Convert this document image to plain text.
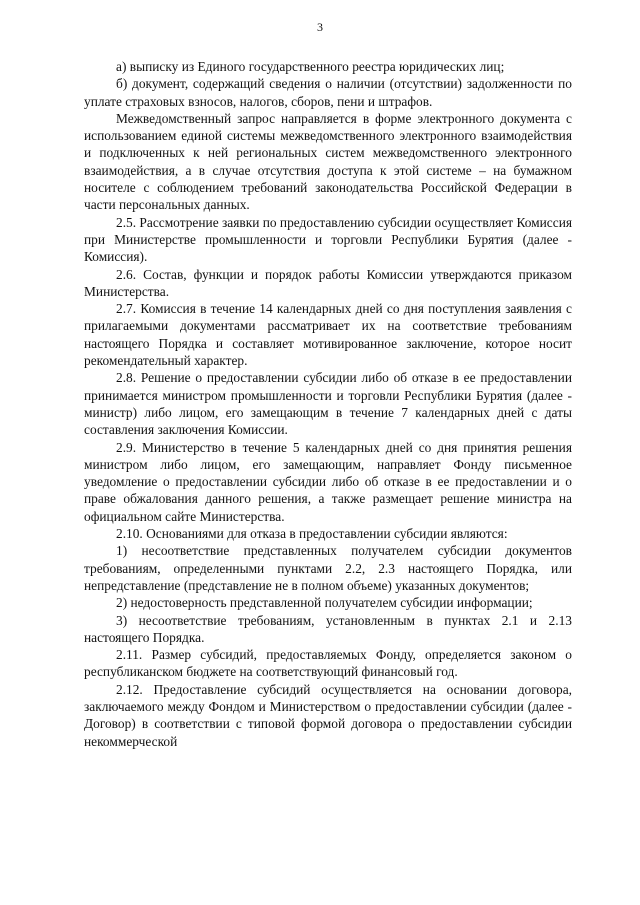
3

а) выписку из Единого государственного реестра юридических лиц;

б) документ, содержащий сведения о наличии (отсутствии) задолженности по уплате страховых взносов, налогов, сборов, пени и штрафов.

Межведомственный запрос направляется в форме электронного документа с использованием единой системы межведомственного электронного взаимодействия и подключенных к ней региональных систем межведомственного электронного взаимодействия, а в случае отсутствия доступа к этой системе – на бумажном носителе с соблюдением требований законодательства Российской Федерации в части персональных данных.

2.5. Рассмотрение заявки по предоставлению субсидии осуществляет Комиссия при Министерстве промышленности и торговли Республики Бурятия (далее - Комиссия).

2.6. Состав, функции и порядок работы Комиссии утверждаются приказом Министерства.

2.7. Комиссия в течение 14 календарных дней со дня поступления заявления с прилагаемыми документами рассматривает их на соответствие требованиям настоящего Порядка и составляет мотивированное заключение, которое носит рекомендательный характер.

2.8. Решение о предоставлении субсидии либо об отказе в ее предоставлении принимается министром промышленности и торговли Республики Бурятия (далее - министр) либо лицом, его замещающим в течение 7 календарных дней с даты составления заключения Комиссии.

2.9. Министерство в течение 5 календарных дней со дня принятия решения министром либо лицом, его замещающим, направляет Фонду письменное уведомление о предоставлении субсидии либо об отказе в ее предоставлении и о праве обжалования данного решения, а также размещает решение министра на официальном сайте Министерства.

2.10. Основаниями для отказа в предоставлении субсидии являются:

1) несоответствие представленных получателем субсидии документов требованиям, определенными пунктами 2.2, 2.3 настоящего Порядка, или непредставление (представление не в полном объеме) указанных документов;

2) недостоверность представленной получателем субсидии информации;

3) несоответствие требованиям, установленным в пунктах 2.1 и 2.13 настоящего Порядка.

2.11. Размер субсидий, предоставляемых Фонду, определяется законом о республиканском бюджете на соответствующий финансовый год.

2.12. Предоставление субсидий осуществляется на основании договора, заключаемого между Фондом и Министерством о предоставлении субсидии (далее - Договор) в соответствии с типовой формой договора о предоставлении субсидии некоммерческой
